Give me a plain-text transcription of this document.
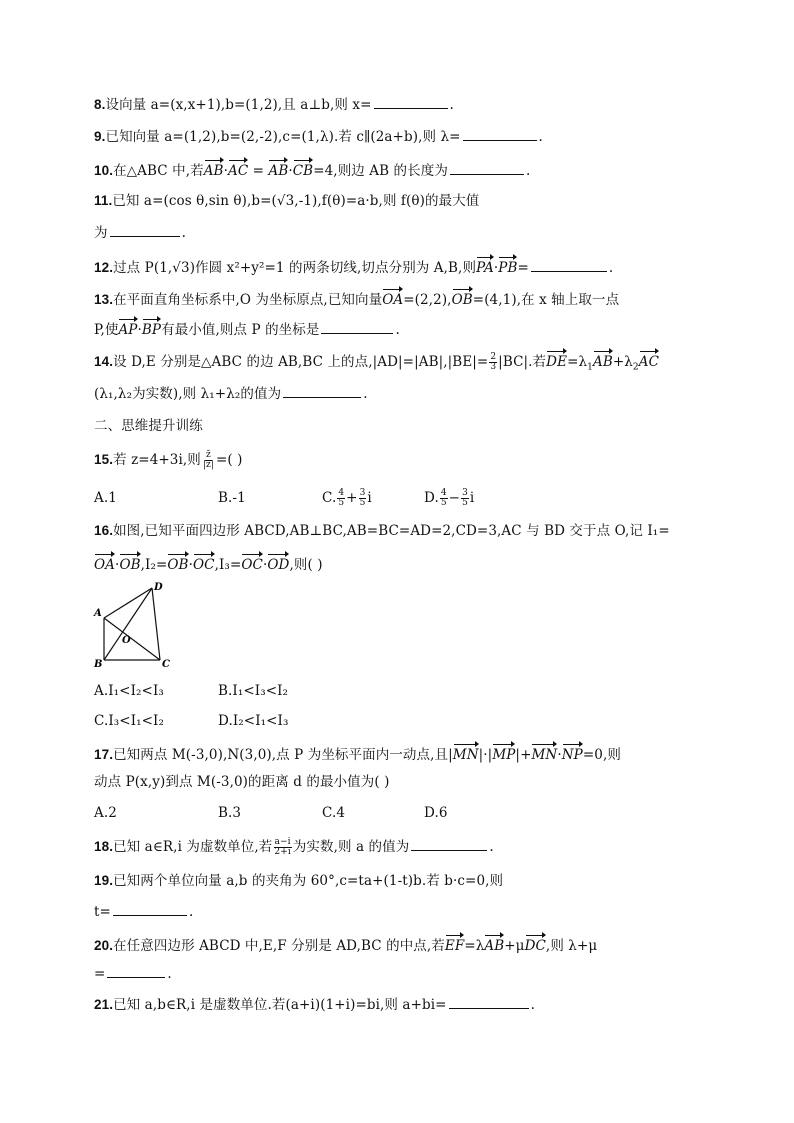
8.设向量 a=(x,x+1),b=(1,2),且 a⊥b,则 x=	.
9.已知向量 a=(1,2),b=(2,-2),c=(1,λ).若 c∥(2a+b),则 λ=	.
10.在△ABC 中,若AB·AC = AB·CB=4,则边 AB 的长度为	.
11.已知 a=(cos θ,sin θ),b=(√3,-1),f(θ)=a·b,则 f(θ)的最大值
为	.
12.过点 P(1,√3)作圆 x²+y²=1 的两条切线,切点分别为 A,B,则PA·PB=	.
13.在平面直角坐标系中,O 为坐标原点,已知向量OA=(2,2),OB=(4,1),在 x 轴上取一点
P,使AP·BP有最小值,则点 P 的坐标是	.
14.设 D,E 分别是△ABC 的边 AB,BC 上的点$,|AD|=|AB|,|BE|= \frac{2}{3} |BC|$.若$DE=\lambda_1AB+\lambda_2AC$
(λ₁,λ₂为实数),则 λ₁+λ₂的值为	.
二、思维提升训练
15.若 z=4+3i,则 $\frac{z̄}{|z|}$ =( )
A.1	B.-1	C. $\frac{4}{5} + \frac{3}{5}$ i	D. $\frac{4}{5} - \frac{3}{5}$ i
16.如图,已知平面四边形 ABCD,AB⊥BC,AB=BC=AD=2,CD=3,AC 与 BD 交于点 O,记 I₁=
OA·OB,I₂=OB·OC,I₃=OC·OD,则( )
A
B	C
D
O
A.I₁<I₂<I₃	B.I₁<I₃<I₂
C.I₃<I₁<I₂	D.I₂<I₁<I₃
17.已知两点 M(-3,0),N(3,0),点 P 为坐标平面内一动点,且|MN|·|MP|+MN·NP=0,则
动点 P(x,y)到点 M(-3,0)的距离 d 的最小值为( )
A.2	B.3	C.4	D.6
18.已知 a∈R,i 为虚数单位,若 $\frac{a-i}{2+i}$ 为实数,则 a 的值为	.
19.已知两个单位向量 a,b 的夹角为 60°,c=ta+(1-t)b.若 b·c=0,则
t=	.
20.在任意四边形 ABCD 中,E,F 分别是 AD,BC 的中点,若EF=λAB+μDC,则 λ+μ
=	.
21.已知 a,b∈R,i 是虚数单位.若(a+i)(1+i)=bi,则 a+bi=	.
